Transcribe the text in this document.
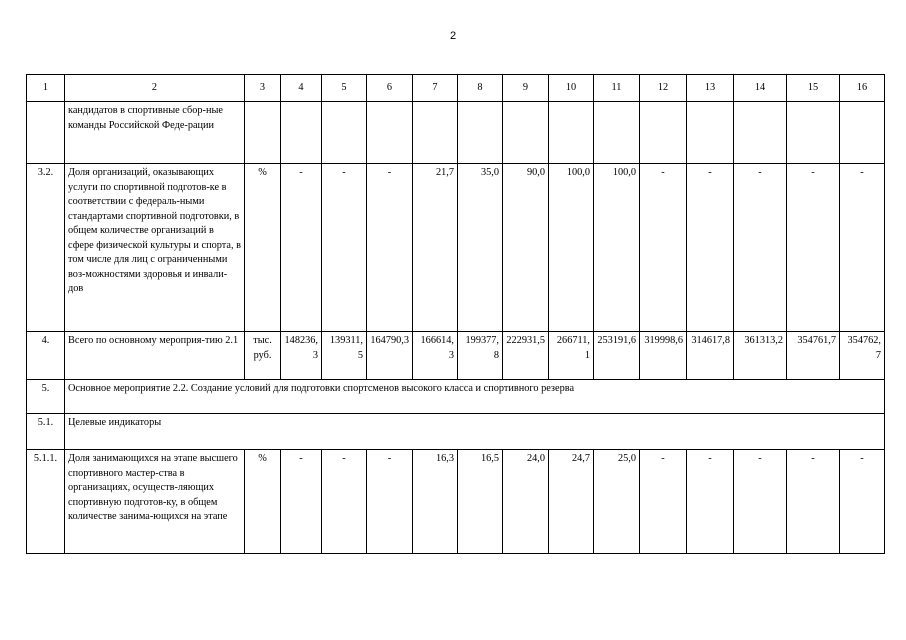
2
1	2	3	4	5	6	7	8	9	10	11	12	13	14	15	16
	кандидатов в спортивные сбор-ные команды Российской Феде-рации														
3.2.	Доля организаций, оказывающих услуги по спортивной подготов-ке в соответствии с федераль-ными стандартами спортивной подготовки, в общем количестве организаций в сфере физической культуры и спорта, в том числе для лиц с ограниченными воз-можностями здоровья и инвали-дов	%	-	-	-	21,7	35,0	90,0	100,0	100,0	-	-	-	-	-
4.	Всего по основному мероприя-тию 2.1	тыс. руб.	148236,3	139311,5	164790,3	166614,3	199377,8	222931,5	266711,1	253191,6	319998,6	314617,8	361313,2	354761,7	354762,7
5.	Основное мероприятие 2.2. Создание условий для подготовки спортсменов высокого класса и спортивного резерва														
5.1.	Целевые индикаторы														
5.1.1.	Доля занимающихся на этапе высшего спортивного мастер-ства в организациях, осуществ-ляющих спортивную подготов-ку, в общем количестве занима-ющихся на этапе	%	-	-	-	16,3	16,5	24,0	24,7	25,0	-	-	-	-	-
